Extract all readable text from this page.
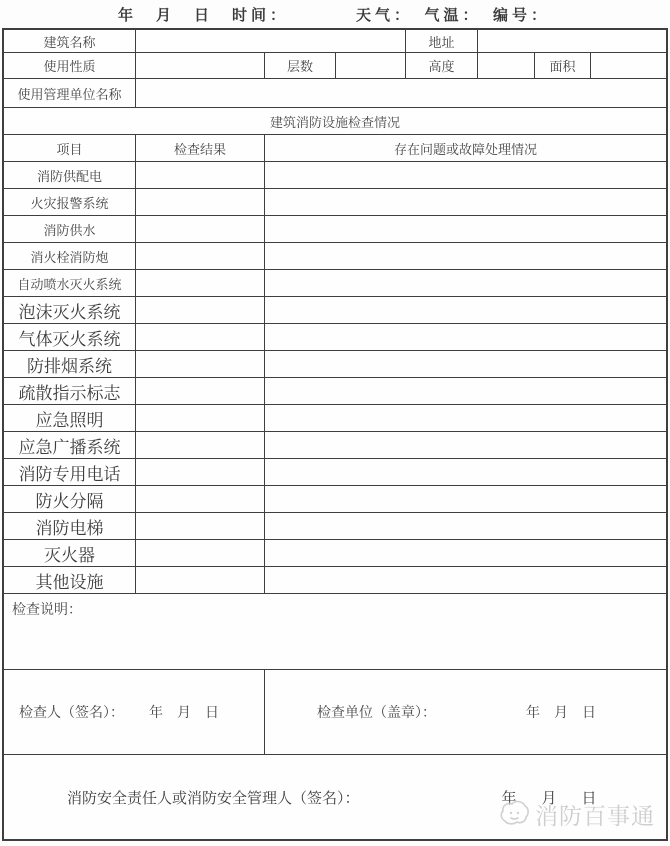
年　月　日　时间：	天气：　气温：　编号：
建筑名称	地址
使用性质	层数	高度	面积
使用管理单位名称
建筑消防设施检查情况
项目	检查结果	存在问题或故障处理情况
消防供配电
火灾报警系统
消防供水
消火栓消防炮
自动喷水灭火系统
泡沫灭火系统
气体灭火系统
防排烟系统
疏散指示标志
应急照明
应急广播系统
消防专用电话
防火分隔
消防电梯
灭火器
其他设施
检查说明：
检查人（签名）： 年　月　日	检查单位（盖章）：	年　月　日
消防安全责任人或消防安全管理人（签名）：	年　月　日
消防百事通
